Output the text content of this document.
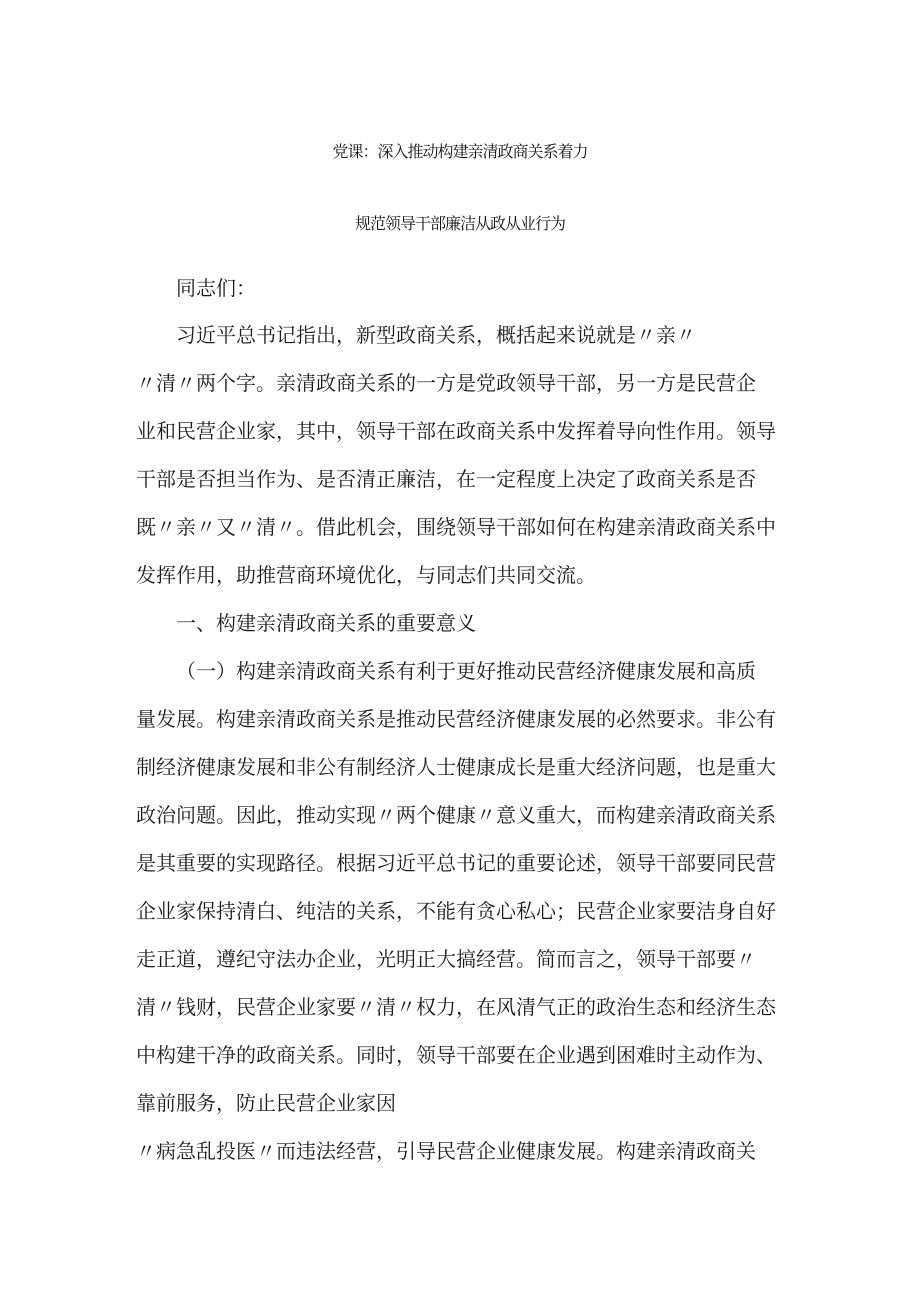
党课：深入推动构建亲清政商关系着力
规范领导干部廉洁从政从业行为
同志们：
习近平总书记指出，新型政商关系，概括起来说就是〃亲〃
〃清〃两个字。亲清政商关系的一方是党政领导干部，另一方是民营企
业和民营企业家，其中，领导干部在政商关系中发挥着导向性作用。领导
干部是否担当作为、是否清正廉洁，在一定程度上决定了政商关系是否
既〃亲〃又〃清〃。借此机会，围绕领导干部如何在构建亲清政商关系中
发挥作用，助推营商环境优化，与同志们共同交流。
一、构建亲清政商关系的重要意义
（一）构建亲清政商关系有利于更好推动民营经济健康发展和高质
量发展。构建亲清政商关系是推动民营经济健康发展的必然要求。非公有
制经济健康发展和非公有制经济人士健康成长是重大经济问题，也是重大
政治问题。因此，推动实现〃两个健康〃意义重大，而构建亲清政商关系
是其重要的实现路径。根据习近平总书记的重要论述，领导干部要同民营
企业家保持清白、纯洁的关系，不能有贪心私心；民营企业家要洁身自好
走正道，遵纪守法办企业，光明正大搞经营。简而言之，领导干部要〃
清〃钱财，民营企业家要〃清〃权力，在风清气正的政治生态和经济生态
中构建干净的政商关系。同时，领导干部要在企业遇到困难时主动作为、
靠前服务，防止民营企业家因
〃病急乱投医〃而违法经营，引导民营企业健康发展。构建亲清政商关
